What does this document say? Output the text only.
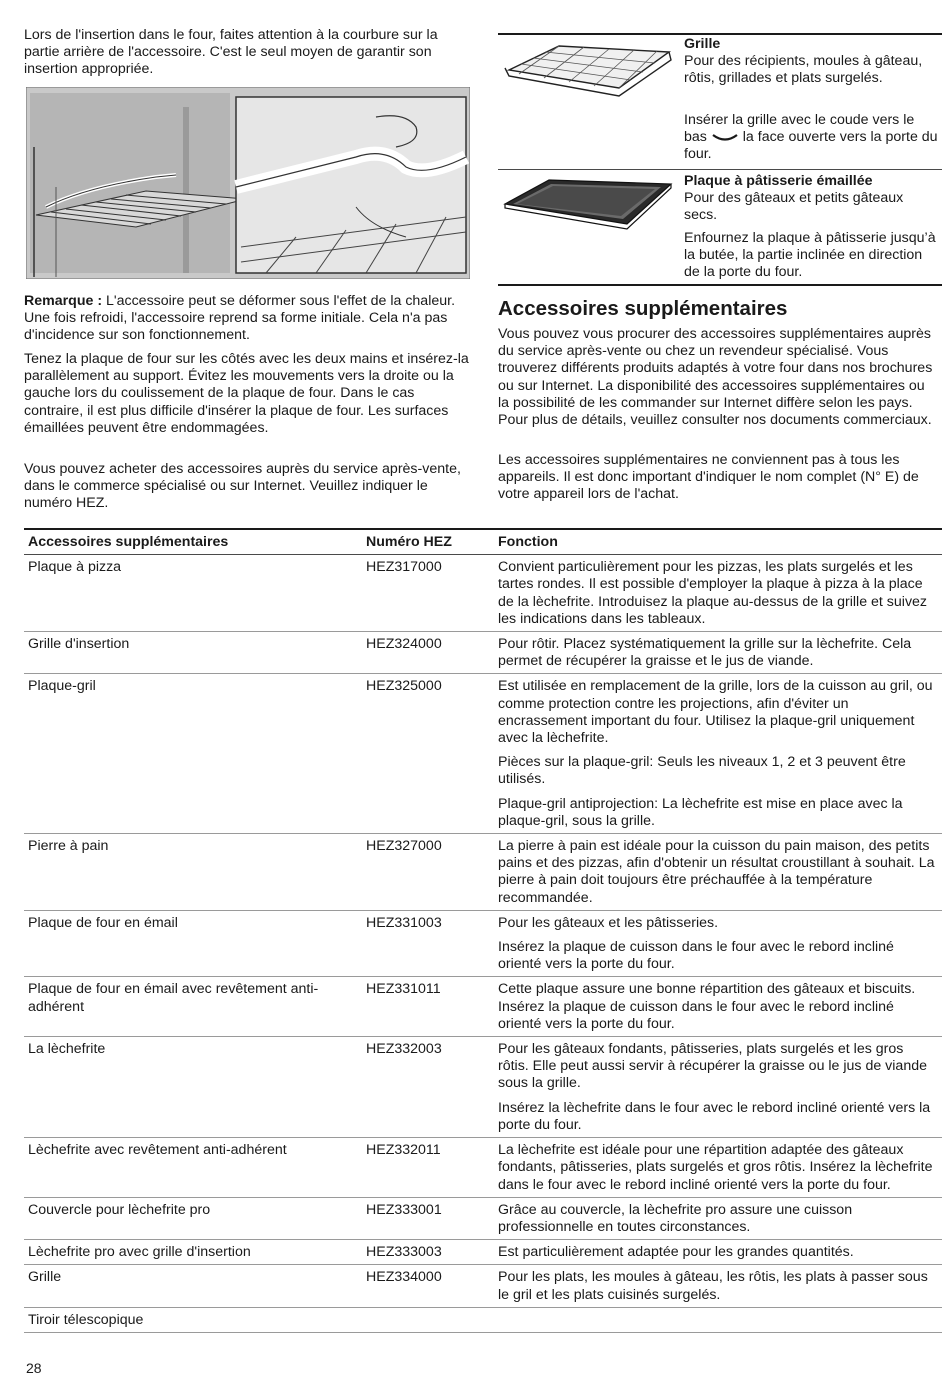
Lors de l'insertion dans le four, faites attention à la courbure sur la partie arrière de l'accessoire. C'est le seul moyen de garantir son insertion appropriée.

Remarque : L'accessoire peut se déformer sous l'effet de la chaleur. Une fois refroidi, l'accessoire reprend sa forme initiale. Cela n'a pas d'incidence sur son fonctionnement.

Tenez la plaque de four sur les côtés avec les deux mains et insérez-la parallèlement au support. Évitez les mouvements vers la droite ou la gauche lors du coulissement de la plaque de four. Dans le cas contraire, il est plus difficile d'insérer la plaque de four. Les surfaces émaillées peuvent être endommagées.

Vous pouvez acheter des accessoires auprès du service après-vente, dans le commerce spécialisé ou sur Internet. Veuillez indiquer le numéro HEZ.

Grille

Pour des récipients, moules à gâteau, rôtis, grillades et plats surgelés.

Insérer la grille avec le coude vers le bas  la face ouverte vers la porte du four.

Plaque à pâtisserie émaillée

Pour des gâteaux et petits gâteaux secs.

Enfournez la plaque à pâtisserie jusqu’à la butée, la partie inclinée en direction de la porte du four.

Accessoires supplémentaires

Vous pouvez vous procurer des accessoires supplémentaires auprès du service après-vente ou chez un revendeur spécialisé. Vous trouverez différents produits adaptés à votre four dans nos brochures ou sur Internet. La disponibilité des accessoires supplémentaires ou la possibilité de les commander sur Internet diffère selon les pays. Pour plus de détails, veuillez consulter nos documents commerciaux.

Les accessoires supplémentaires ne conviennent pas à tous les appareils. Il est donc important d'indiquer le nom complet (N° E) de votre appareil lors de l'achat.

Accessoires supplémentaires	Numéro HEZ	Fonction
Plaque à pizza	HEZ317000	Convient particulièrement pour les pizzas, les plats surgelés et les tartes rondes. Il est possible d'employer la plaque à pizza à la place de la lèchefrite. Introduisez la plaque au-dessus de la grille et suivez les indications dans les tableaux.

Grille d'insertion	HEZ324000	Pour rôtir. Placez systématiquement la grille sur la lèchefrite. Cela permet de récupérer la graisse et le jus de viande.

Plaque-gril	HEZ325000	Est utilisée en remplacement de la grille, lors de la cuisson au gril, ou comme protection contre les projections, afin d'éviter un encrassement important du four. Utilisez la plaque-gril uniquement avec la lèchefrite.

Pièces sur la plaque-gril: Seuls les niveaux 1, 2 et 3 peuvent être utilisés.

Plaque-gril antiprojection: La lèchefrite est mise en place avec la plaque-gril, sous la grille.

Pierre à pain	HEZ327000	La pierre à pain est idéale pour la cuisson du pain maison, des petits pains et des pizzas, afin d'obtenir un résultat croustillant à souhait. La pierre à pain doit toujours être préchauffée à la température recommandée.

Plaque de four en émail	HEZ331003	Pour les gâteaux et les pâtisseries.

Insérez la plaque de cuisson dans le four avec le rebord incliné orienté vers la porte du four.

Plaque de four en émail avec revêtement anti-adhérent	HEZ331011	Cette plaque assure une bonne répartition des gâteaux et biscuits. Insérez la plaque de cuisson dans le four avec le rebord incliné orienté vers la porte du four.

La lèchefrite	HEZ332003	Pour les gâteaux fondants, pâtisseries, plats surgelés et les gros rôtis. Elle peut aussi servir à récupérer la graisse ou le jus de viande sous la grille.

Insérez la lèchefrite dans le four avec le rebord incliné orienté vers la porte du four.

Lèchefrite avec revêtement anti-adhérent	HEZ332011	La lèchefrite est idéale pour une répartition adaptée des gâteaux fondants, pâtisseries, plats surgelés et gros rôtis. Insérez la lèchefrite dans le four avec le rebord incliné orienté vers la porte du four.

Couvercle pour lèchefrite pro	HEZ333001	Grâce au couvercle, la lèchefrite pro assure une cuisson professionnelle en toutes circonstances.

Lèchefrite pro avec grille d'insertion	HEZ333003	Est particulièrement adaptée pour les grandes quantités.

Grille	HEZ334000	Pour les plats, les moules à gâteau, les rôtis, les plats à passer sous le gril et les plats cuisinés surgelés.

Tiroir télescopique		

28
